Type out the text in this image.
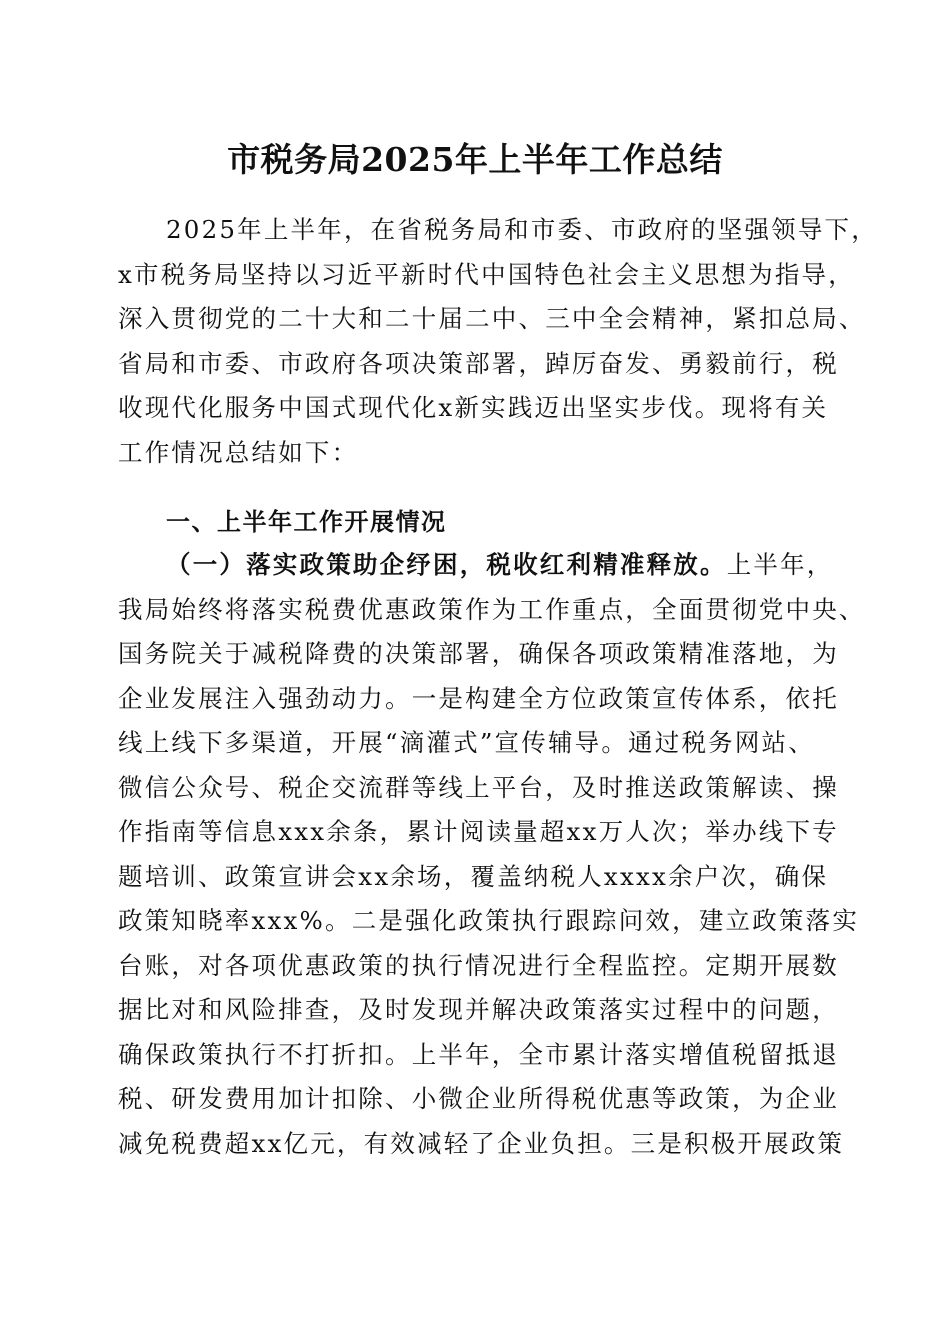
市税务局2025年上半年工作总结
2025年上半年，在省税务局和市委、市政府的坚强领导下，
x市税务局坚持以习近平新时代中国特色社会主义思想为指导，
深入贯彻党的二十大和二十届二中、三中全会精神，紧扣总局、
省局和市委、市政府各项决策部署，踔厉奋发、勇毅前行，税
收现代化服务中国式现代化x新实践迈出坚实步伐。现将有关
工作情况总结如下：
一、上半年工作开展情况
（一）落实政策助企纾困，税收红利精准释放。上半年，
我局始终将落实税费优惠政策作为工作重点，全面贯彻党中央、
国务院关于减税降费的决策部署，确保各项政策精准落地，为
企业发展注入强劲动力。一是构建全方位政策宣传体系，依托
线上线下多渠道，开展“滴灌式”宣传辅导。通过税务网站、
微信公众号、税企交流群等线上平台，及时推送政策解读、操
作指南等信息xxx余条，累计阅读量超xx万人次；举办线下专
题培训、政策宣讲会xx余场，覆盖纳税人xxxx余户次，确保
政策知晓率xxx%。二是强化政策执行跟踪问效，建立政策落实
台账，对各项优惠政策的执行情况进行全程监控。定期开展数
据比对和风险排查，及时发现并解决政策落实过程中的问题，
确保政策执行不打折扣。上半年，全市累计落实增值税留抵退
税、研发费用加计扣除、小微企业所得税优惠等政策，为企业
减免税费超xx亿元，有效减轻了企业负担。三是积极开展政策
